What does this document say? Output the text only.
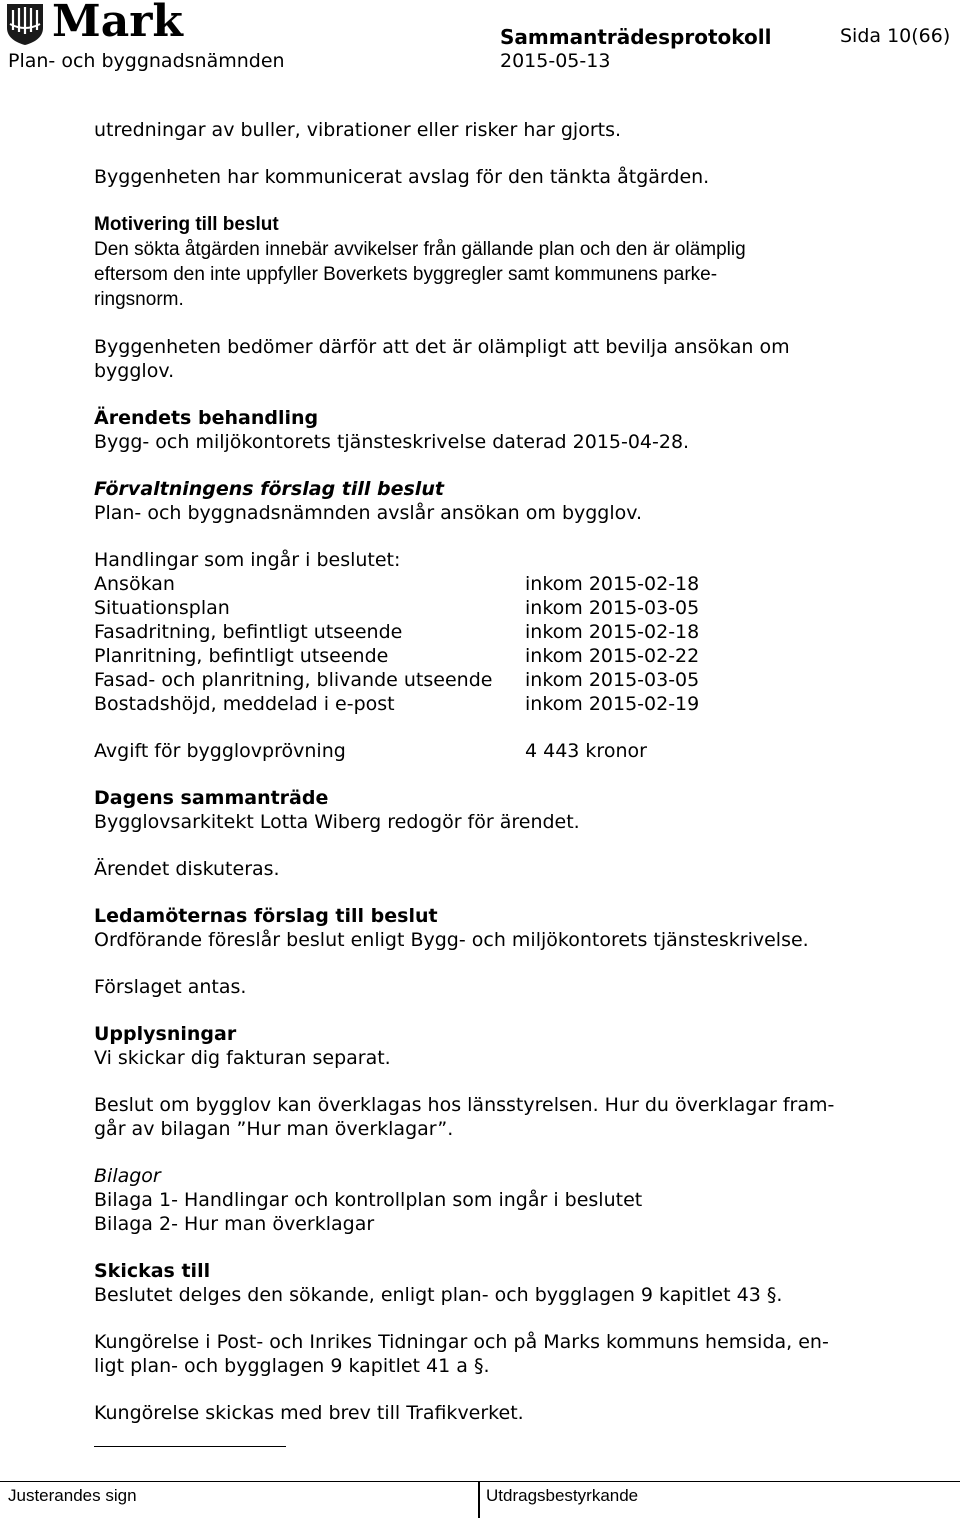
Mark
Plan- och byggnadsnämnden
Sammanträdesprotokoll
2015-05-13
Sida 10(66)

utredningar av buller, vibrationer eller risker har gjorts.

Byggenheten har kommunicerat avslag för den tänkta åtgärden.

Motivering till beslut
Den sökta åtgärden innebär avvikelser från gällande plan och den är olämplig
eftersom den inte uppfyller Boverkets byggregler samt kommunens parke-
ringsnorm.

Byggenheten bedömer därför att det är olämpligt att bevilja ansökan om
bygglov.

Ärendets behandling
Bygg- och miljökontorets tjänsteskrivelse daterad 2015-04-28.

Förvaltningens förslag till beslut
Plan- och byggnadsnämnden avslår ansökan om bygglov.

Handlingar som ingår i beslutet:
Ansökan	inkom 2015-02-18
Situationsplan	inkom 2015-03-05
Fasadritning, befintligt utseende	inkom 2015-02-18
Planritning, befintligt utseende	inkom 2015-02-22
Fasad- och planritning, blivande utseende	inkom 2015-03-05
Bostadshöjd, meddelad i e-post	inkom 2015-02-19
Avgift för bygglovprövning	4 443 kronor

Dagens sammanträde
Bygglovsarkitekt Lotta Wiberg redogör för ärendet.

Ärendet diskuteras.

Ledamöternas förslag till beslut
Ordförande föreslår beslut enligt Bygg- och miljökontorets tjänsteskrivelse.

Förslaget antas.

Upplysningar
Vi skickar dig fakturan separat.

Beslut om bygglov kan överklagas hos länsstyrelsen. Hur du överklagar fram-
går av bilagan ”Hur man överklagar”.

Bilagor
Bilaga 1- Handlingar och kontrollplan som ingår i beslutet
Bilaga 2- Hur man överklagar

Skickas till
Beslutet delges den sökande, enligt plan- och bygglagen 9 kapitlet 43 §.

Kungörelse i Post- och Inrikes Tidningar och på Marks kommuns hemsida, en-
ligt plan- och bygglagen 9 kapitlet 41 a §.

Kungörelse skickas med brev till Trafikverket.

Justerandes sign	Utdragsbestyrkande
